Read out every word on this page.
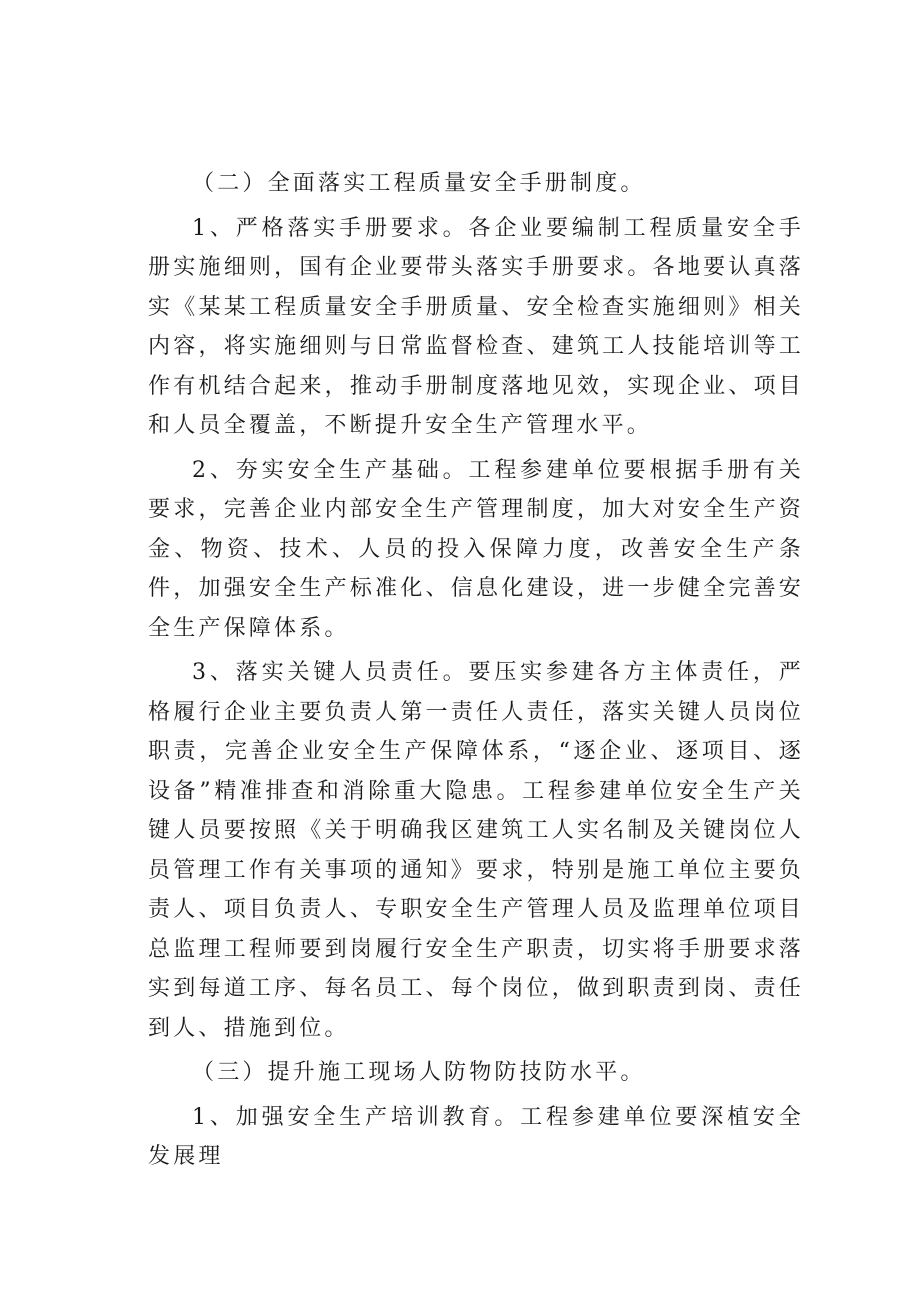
（二）全面落实工程质量安全手册制度。

1、严格落实手册要求。各企业要编制工程质量安全手册实施细则，国有企业要带头落实手册要求。各地要认真落实《某某工程质量安全手册质量、安全检查实施细则》相关内容，将实施细则与日常监督检查、建筑工人技能培训等工作有机结合起来，推动手册制度落地见效，实现企业、项目和人员全覆盖，不断提升安全生产管理水平。

2、夯实安全生产基础。工程参建单位要根据手册有关要求，完善企业内部安全生产管理制度，加大对安全生产资金、物资、技术、人员的投入保障力度，改善安全生产条件，加强安全生产标准化、信息化建设，进一步健全完善安全生产保障体系。

3、落实关键人员责任。要压实参建各方主体责任，严格履行企业主要负责人第一责任人责任，落实关键人员岗位职责，完善企业安全生产保障体系，“逐企业、逐项目、逐设备”精准排查和消除重大隐患。工程参建单位安全生产关键人员要按照《关于明确我区建筑工人实名制及关键岗位人员管理工作有关事项的通知》要求，特别是施工单位主要负责人、项目负责人、专职安全生产管理人员及监理单位项目总监理工程师要到岗履行安全生产职责，切实将手册要求落实到每道工序、每名员工、每个岗位，做到职责到岗、责任到人、措施到位。

（三）提升施工现场人防物防技防水平。

1、加强安全生产培训教育。工程参建单位要深植安全发展理
